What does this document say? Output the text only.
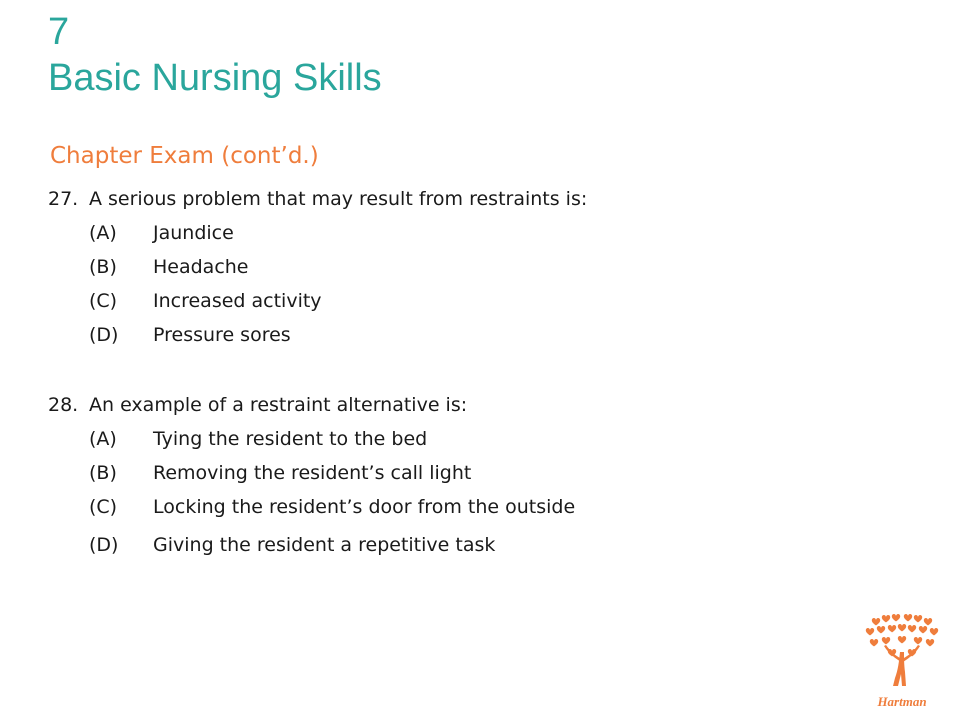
7
Basic Nursing Skills
Chapter Exam (cont’d.)
27. A serious problem that may result from restraints is:
(A)	Jaundice
(B)	Headache
(C)	Increased activity
(D)	Pressure sores
28. An example of a restraint alternative is:
(A)	Tying the resident to the bed
(B)	Removing the resident’s call light
(C)	Locking the resident’s door from the outside
(D)	Giving the resident a repetitive task
Hartman
